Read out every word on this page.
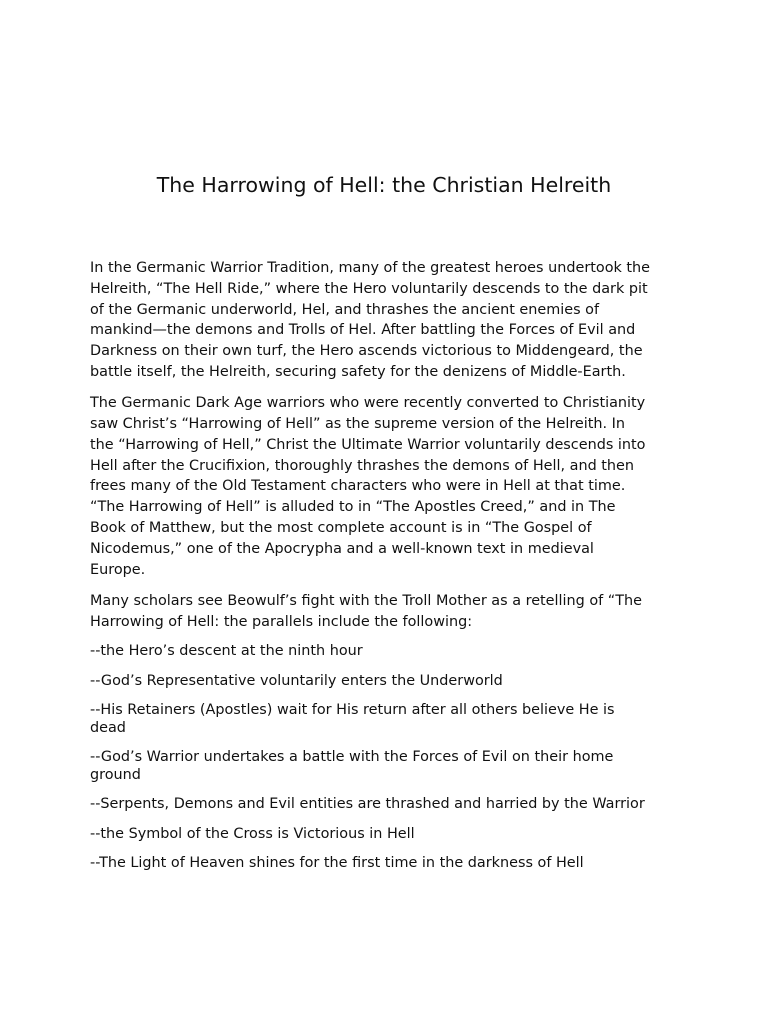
The Harrowing of Hell: the Christian Helreith

In the Germanic Warrior Tradition, many of the greatest heroes undertook the
Helreith, “The Hell Ride,” where the Hero voluntarily descends to the dark pit
of the Germanic underworld, Hel, and thrashes the ancient enemies of
mankind—the demons and Trolls of Hel. After battling the Forces of Evil and
Darkness on their own turf, the Hero ascends victorious to Middengeard, the
battle itself, the Helreith, securing safety for the denizens of Middle-Earth.

The Germanic Dark Age warriors who were recently converted to Christianity
saw Christ’s “Harrowing of Hell” as the supreme version of the Helreith. In
the “Harrowing of Hell,” Christ the Ultimate Warrior voluntarily descends into
Hell after the Crucifixion, thoroughly thrashes the demons of Hell, and then
frees many of the Old Testament characters who were in Hell at that time.
“The Harrowing of Hell” is alluded to in “The Apostles Creed,” and in The
Book of Matthew, but the most complete account is in “The Gospel of
Nicodemus,” one of the Apocrypha and a well-known text in medieval
Europe.

Many scholars see Beowulf’s fight with the Troll Mother as a retelling of “The
Harrowing of Hell: the parallels include the following:

--the Hero’s descent at the ninth hour

--God’s Representative voluntarily enters the Underworld

--His Retainers (Apostles) wait for His return after all others believe He is
dead

--God’s Warrior undertakes a battle with the Forces of Evil on their home
ground

--Serpents, Demons and Evil entities are thrashed and harried by the Warrior

--the Symbol of the Cross is Victorious in Hell

--The Light of Heaven shines for the first time in the darkness of Hell
